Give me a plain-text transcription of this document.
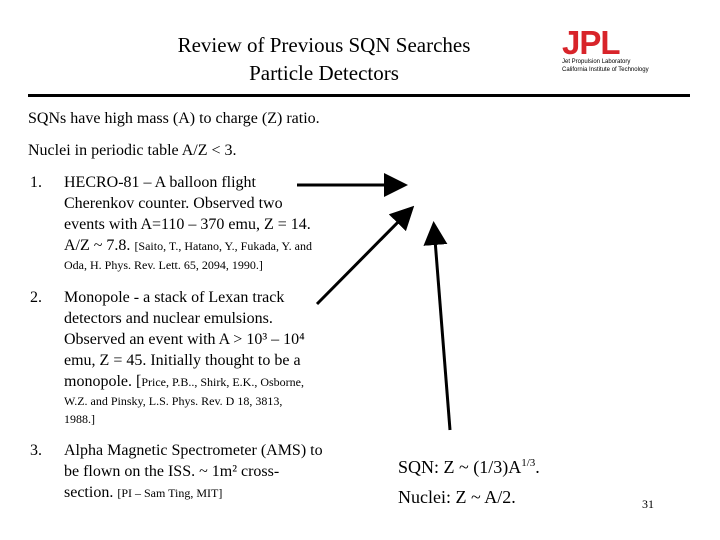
Review of Previous SQN Searches
Particle Detectors
JPL
Jet Propulsion Laboratory
California Institute of Technology
SQNs have high mass (A) to charge (Z) ratio.
Nuclei in periodic table A/Z < 3.
1. HECRO-81 – A balloon flight
Cherenkov counter. Observed two
events with A=110 – 370 emu, Z = 14.
A/Z ~ 7.8. [Saito, T., Hatano, Y., Fukada, Y. and
Oda, H. Phys. Rev. Lett. 65, 2094, 1990.]
2. Monopole - a stack of Lexan track
detectors and nuclear emulsions.
Observed an event with A > 10³ – 10⁴
emu, Z = 45. Initially thought to be a
monopole. [Price, P.B.., Shirk, E.K., Osborne,
W.Z. and Pinsky, L.S. Phys. Rev. D 18, 3813,
1988.]
3. Alpha Magnetic Spectrometer (AMS) to
be flown on the ISS. ~ 1m² cross-
section. [PI – Sam Ting, MIT]
SQN: Z ~ $(1/3)A^{1/3}$.
Nuclei: Z ~ A/2.	31
